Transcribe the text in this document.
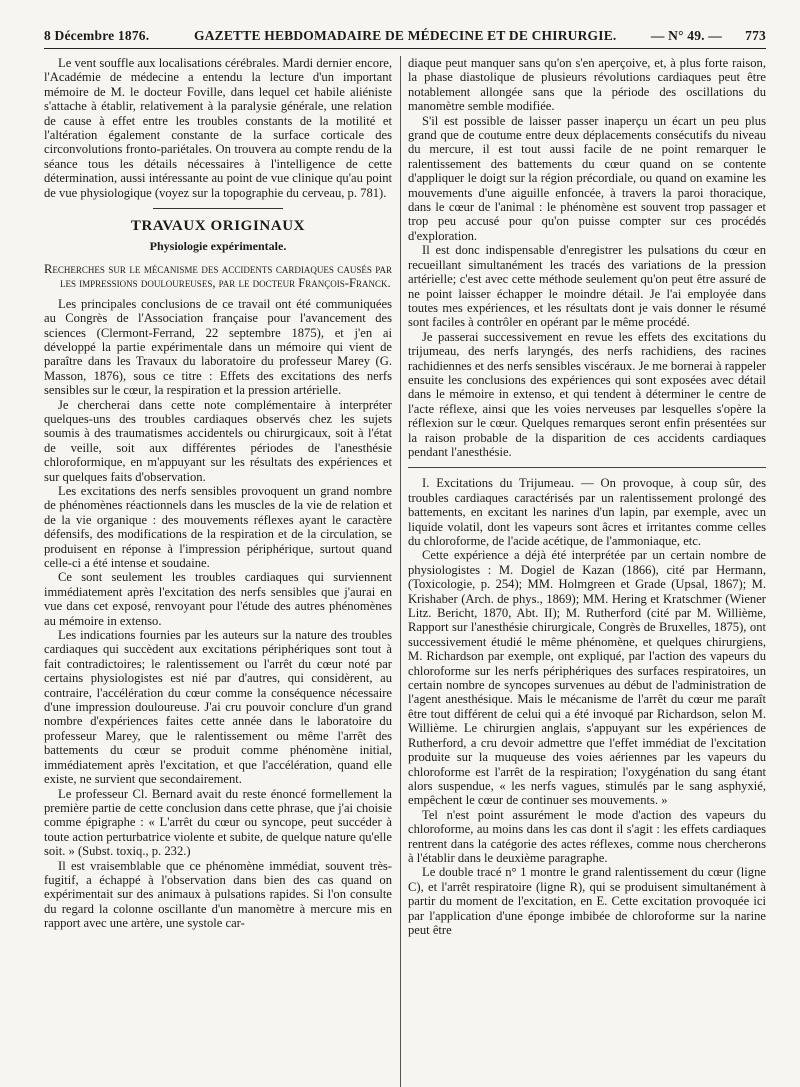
8 Décembre 1876.	GAZETTE HEBDOMADAIRE DE MÉDECINE ET DE CHIRURGIE.	— N° 49. — 773

Le vent souffle aux localisations cérébrales. Mardi dernier encore, l'Académie de médecine a entendu la lecture d'un important mémoire de M. le docteur Foville, dans lequel cet habile aliéniste s'attache à établir, relativement à la paralysie générale, une relation de cause à effet entre les troubles constants de la motilité et l'altération également constante de la surface corticale des circonvolutions fronto-pariétales. On trouvera au compte rendu de la séance tous les détails nécessaires à l'intelligence de cette détermination, aussi intéressante au point de vue clinique qu'au point de vue physiologique (voyez sur la topographie du cerveau, p. 781).

TRAVAUX ORIGINAUX
Physiologie expérimentale.

Recherches sur le mécanisme des accidents cardiaques causés par les impressions douloureuses, par le docteur François-Franck.

Les principales conclusions de ce travail ont été communiquées au Congrès de l'Association française pour l'avancement des sciences (Clermont-Ferrand, 22 septembre 1875), et j'en ai développé la partie expérimentale dans un mémoire qui vient de paraître dans les Travaux du laboratoire du professeur Marey (G. Masson, 1876), sous ce titre : Effets des excitations des nerfs sensibles sur le cœur, la respiration et la pression artérielle.

Je chercherai dans cette note complémentaire à interpréter quelques-uns des troubles cardiaques observés chez les sujets soumis à des traumatismes accidentels ou chirurgicaux, soit à l'état de veille, soit aux différentes périodes de l'anesthésie chloroformique, en m'appuyant sur les résultats des expériences et sur quelques faits d'observation.

Les excitations des nerfs sensibles provoquent un grand nombre de phénomènes réactionnels dans les muscles de la vie de relation et de la vie organique : des mouvements réflexes ayant le caractère défensifs, des modifications de la respiration et de la circulation, se produisent en réponse à l'impression périphérique, surtout quand celle-ci a été intense et soudaine.

Ce sont seulement les troubles cardiaques qui surviennent immédiatement après l'excitation des nerfs sensibles que j'aurai en vue dans cet exposé, renvoyant pour l'étude des autres phénomènes au mémoire in extenso.

Les indications fournies par les auteurs sur la nature des troubles cardiaques qui succèdent aux excitations périphériques sont tout à fait contradictoires; le ralentissement ou l'arrêt du cœur noté par certains physiologistes est nié par d'autres, qui considèrent, au contraire, l'accélération du cœur comme la conséquence nécessaire d'une impression douloureuse. J'ai cru pouvoir conclure d'un grand nombre d'expériences faites cette année dans le laboratoire du professeur Marey, que le ralentissement ou même l'arrêt des battements du cœur se produit comme phénomène initial, immédiatement après l'excitation, et que l'accélération, quand elle existe, ne survient que secondairement.

Le professeur Cl. Bernard avait du reste énoncé formellement la première partie de cette conclusion dans cette phrase, que j'ai choisie comme épigraphe : « L'arrêt du cœur ou syncope, peut succéder à toute action perturbatrice violente et subite, de quelque nature qu'elle soit. » (Subst. toxiq., p. 232.)

Il est vraisemblable que ce phénomène immédiat, souvent très-fugitif, a échappé à l'observation dans bien des cas quand on expérimentait sur des animaux à pulsations rapides. Si l'on consulte du regard la colonne oscillante d'un manomètre à mercure mis en rapport avec une artère, une systole car-

diaque peut manquer sans qu'on s'en aperçoive, et, à plus forte raison, la phase diastolique de plusieurs révolutions cardiaques peut être notablement allongée sans que la période des oscillations du manomètre semble modifiée.

S'il est possible de laisser passer inaperçu un écart un peu plus grand que de coutume entre deux déplacements consécutifs du niveau du mercure, il est tout aussi facile de ne point remarquer le ralentissement des battements du cœur quand on se contente d'appliquer le doigt sur la région précordiale, ou quand on examine les mouvements d'une aiguille enfoncée, à travers la paroi thoracique, dans le cœur de l'animal : le phénomène est souvent trop passager et trop peu accusé pour qu'on puisse compter sur ces procédés d'exploration.

Il est donc indispensable d'enregistrer les pulsations du cœur en recueillant simultanément les tracés des variations de la pression artérielle; c'est avec cette méthode seulement qu'on peut être assuré de ne point laisser échapper le moindre détail. Je l'ai employée dans toutes mes expériences, et les résultats dont je vais donner le résumé sont faciles à contrôler en opérant par le même procédé.

Je passerai successivement en revue les effets des excitations du trijumeau, des nerfs laryngés, des nerfs rachidiens, des racines rachidiennes et des nerfs sensibles viscéraux. Je me bornerai à rappeler ensuite les conclusions des expériences qui sont exposées avec détail dans le mémoire in extenso, et qui tendent à déterminer le centre de l'acte réflexe, ainsi que les voies nerveuses par lesquelles s'opère la réflexion sur le cœur. Quelques remarques seront enfin présentées sur la raison probable de la disparition de ces accidents cardiaques pendant l'anesthésie.

I. Excitations du Trijumeau. — On provoque, à coup sûr, des troubles cardiaques caractérisés par un ralentissement prolongé des battements, en excitant les narines d'un lapin, par exemple, avec un liquide volatil, dont les vapeurs sont âcres et irritantes comme celles du chloroforme, de l'acide acétique, de l'ammoniaque, etc.

Cette expérience a déjà été interprétée par un certain nombre de physiologistes : M. Dogiel de Kazan (1866), cité par Hermann, (Toxicologie, p. 254); MM. Holmgreen et Grade (Upsal, 1867); M. Krishaber (Arch. de phys., 1869); MM. Hering et Kratschmer (Wiener Litz. Bericht, 1870, Abt. II); M. Rutherford (cité par M. Willième, Rapport sur l'anesthésie chirurgicale, Congrès de Bruxelles, 1875), ont successivement étudié le même phénomène, et quelques chirurgiens, M. Richardson par exemple, ont expliqué, par l'action des vapeurs du chloroforme sur les nerfs périphériques des surfaces respiratoires, un certain nombre de syncopes survenues au début de l'administration de l'agent anesthésique. Mais le mécanisme de l'arrêt du cœur me paraît être tout différent de celui qui a été invoqué par Richardson, selon M. Willième. Le chirurgien anglais, s'appuyant sur les expériences de Rutherford, a cru devoir admettre que l'effet immédiat de l'excitation produite sur la muqueuse des voies aériennes par les vapeurs du chloroforme est l'arrêt de la respiration; l'oxygénation du sang étant alors suspendue, « les nerfs vagues, stimulés par le sang asphyxié, empêchent le cœur de continuer ses mouvements. »

Tel n'est point assurément le mode d'action des vapeurs du chloroforme, au moins dans les cas dont il s'agit : les effets cardiaques rentrent dans la catégorie des actes réflexes, comme nous chercherons à l'établir dans le deuxième paragraphe.

Le double tracé n° 1 montre le grand ralentissement du cœur (ligne C), et l'arrêt respiratoire (ligne R), qui se produisent simultanément à partir du moment de l'excitation, en E. Cette excitation provoquée ici par l'application d'une éponge imbibée de chloroforme sur la narine peut être
